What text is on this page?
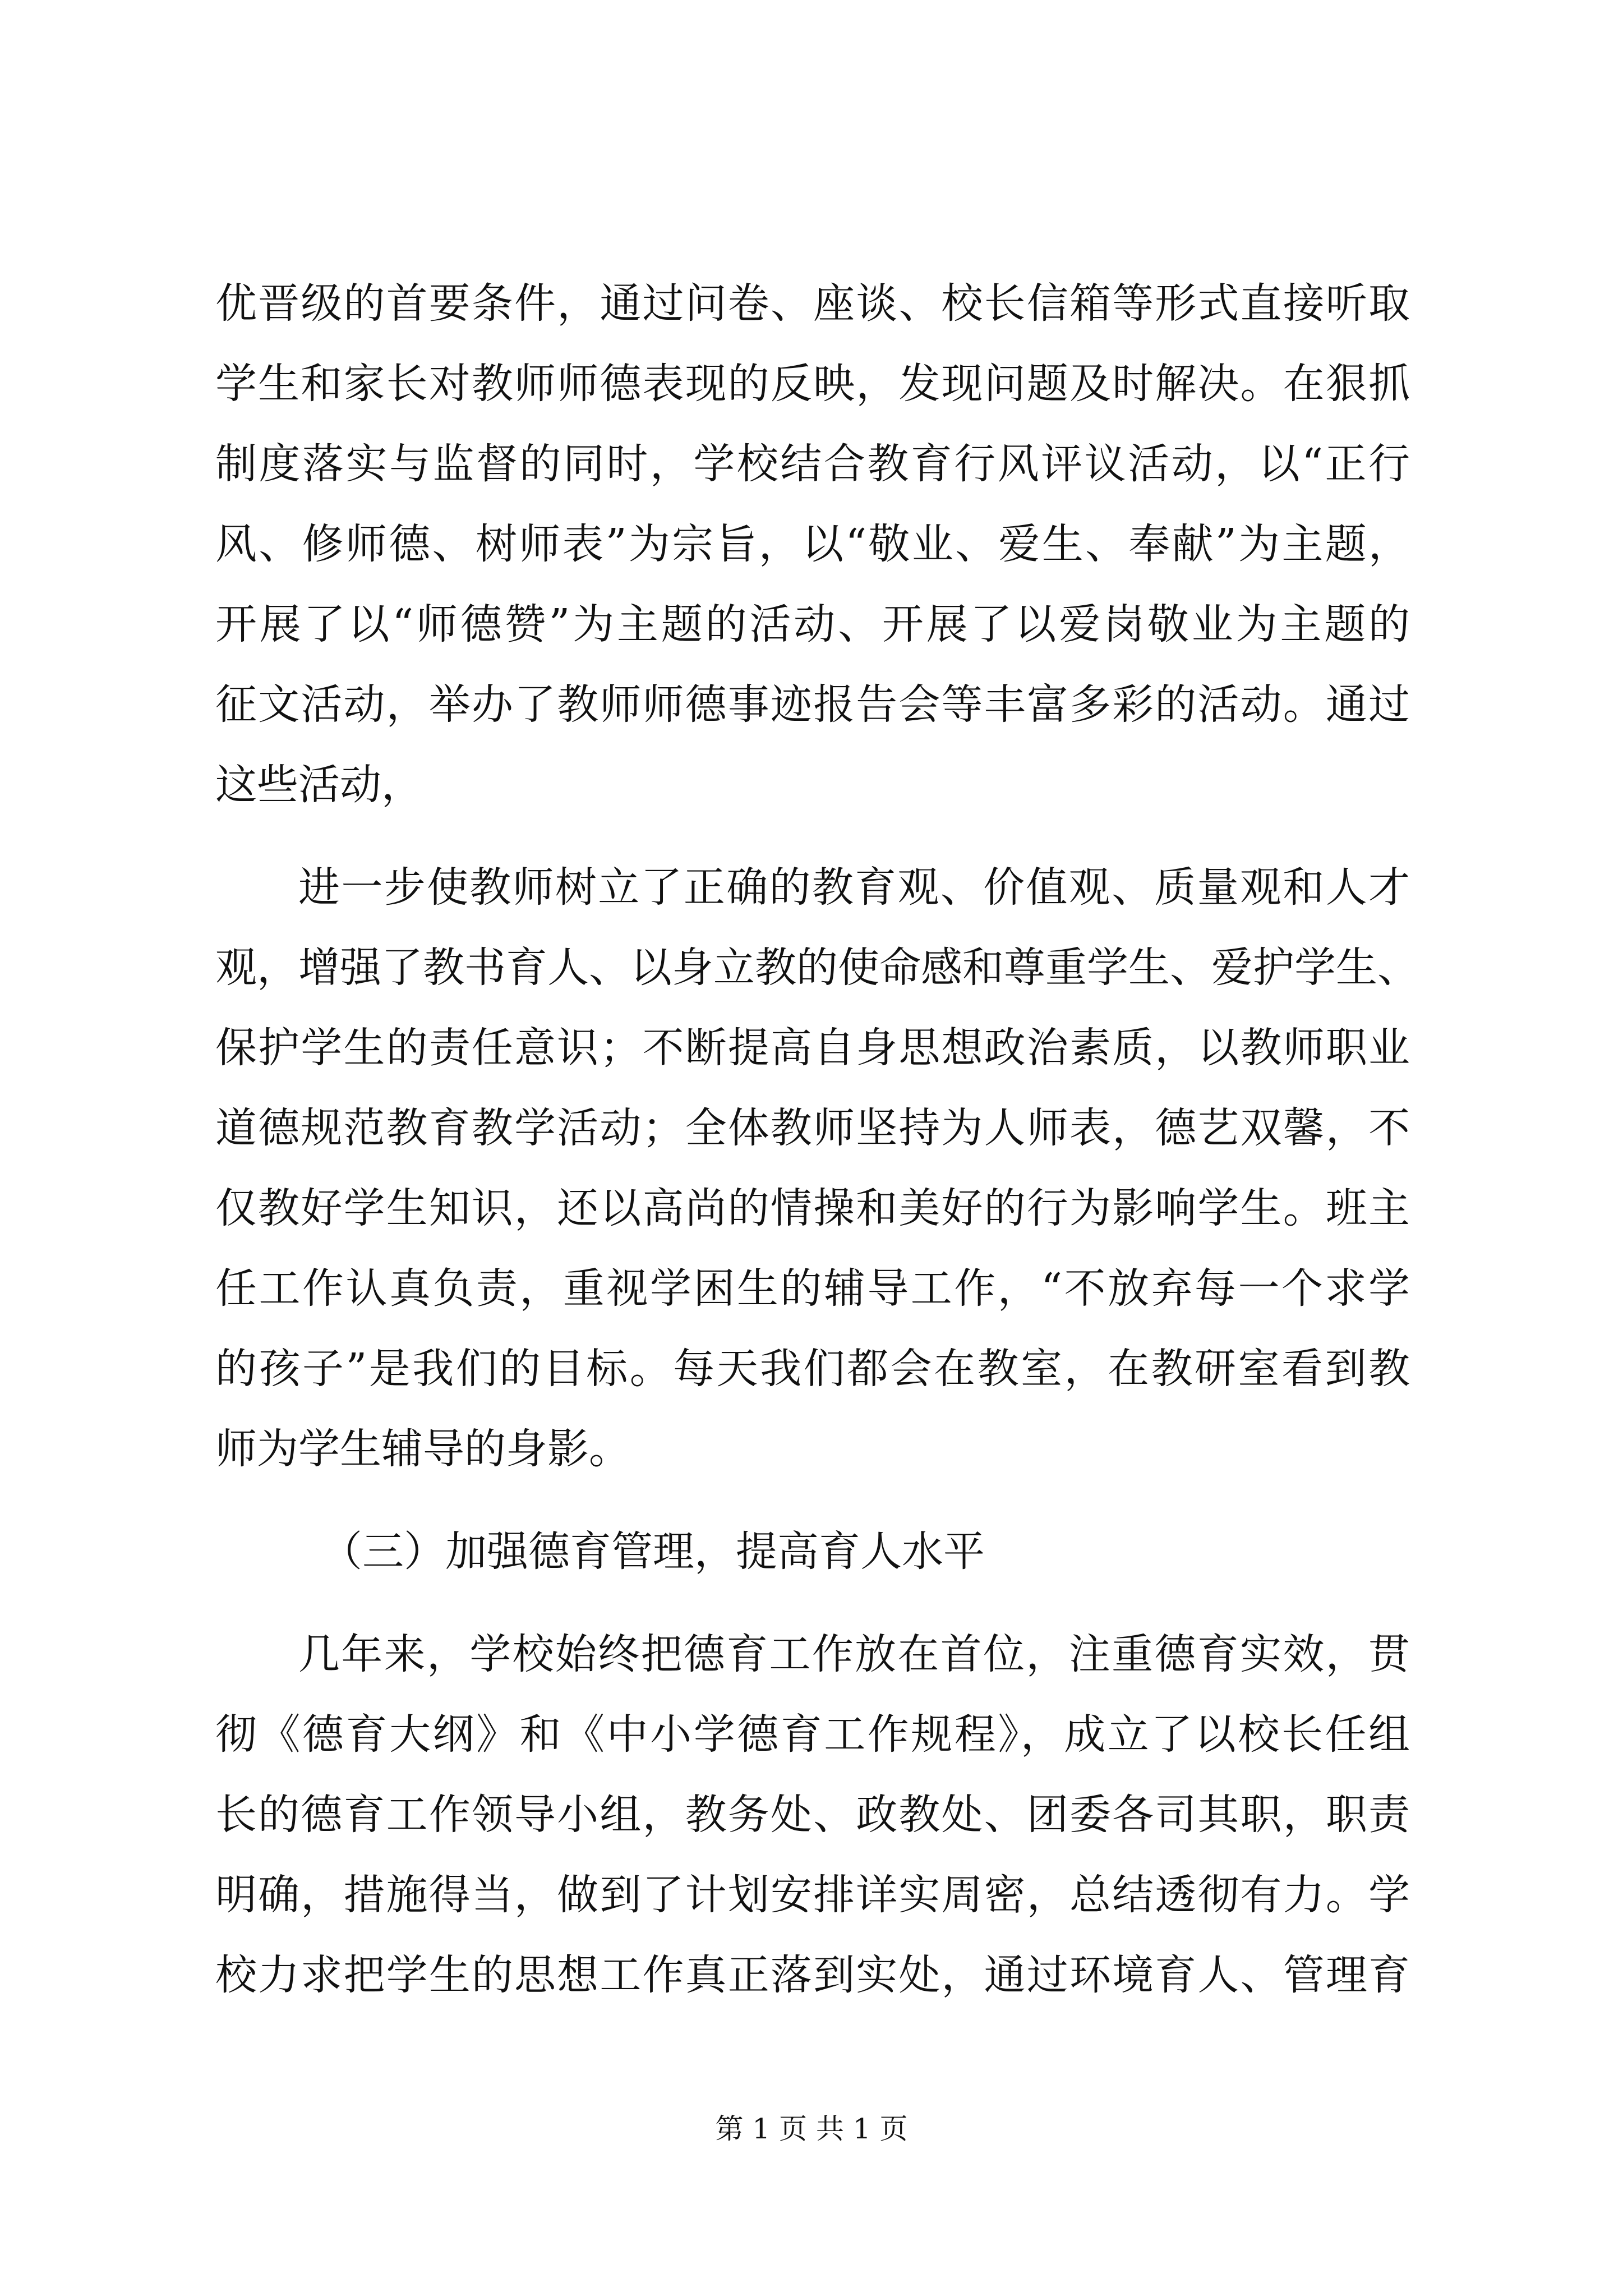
优晋级的首要条件，通过问卷、座谈、校长信箱等形式直接听取
学生和家长对教师师德表现的反映，发现问题及时解决。在狠抓
制度落实与监督的同时，学校结合教育行风评议活动，以“正行
风、修师德、树师表”为宗旨，以“敬业、爱生、奉献”为主题，
开展了以“师德赞”为主题的活动、开展了以爱岗敬业为主题的
征文活动，举办了教师师德事迹报告会等丰富多彩的活动。通过
这些活动，
进一步使教师树立了正确的教育观、价值观、质量观和人才
观，增强了教书育人、以身立教的使命感和尊重学生、爱护学生、
保护学生的责任意识；不断提高自身思想政治素质，以教师职业
道德规范教育教学活动；全体教师坚持为人师表，德艺双馨，不
仅教好学生知识，还以高尚的情操和美好的行为影响学生。班主
任工作认真负责，重视学困生的辅导工作，“不放弃每一个求学
的孩子”是我们的目标。每天我们都会在教室，在教研室看到教
师为学生辅导的身影。
（三）加强德育管理，提高育人水平
几年来，学校始终把德育工作放在首位，注重德育实效，贯
彻《德育大纲》和《中小学德育工作规程》，成立了以校长任组
长的德育工作领导小组，教务处、政教处、团委各司其职，职责
明确，措施得当，做到了计划安排详实周密，总结透彻有力。学
校力求把学生的思想工作真正落到实处，通过环境育人、管理育
第 1 页 共 1 页
